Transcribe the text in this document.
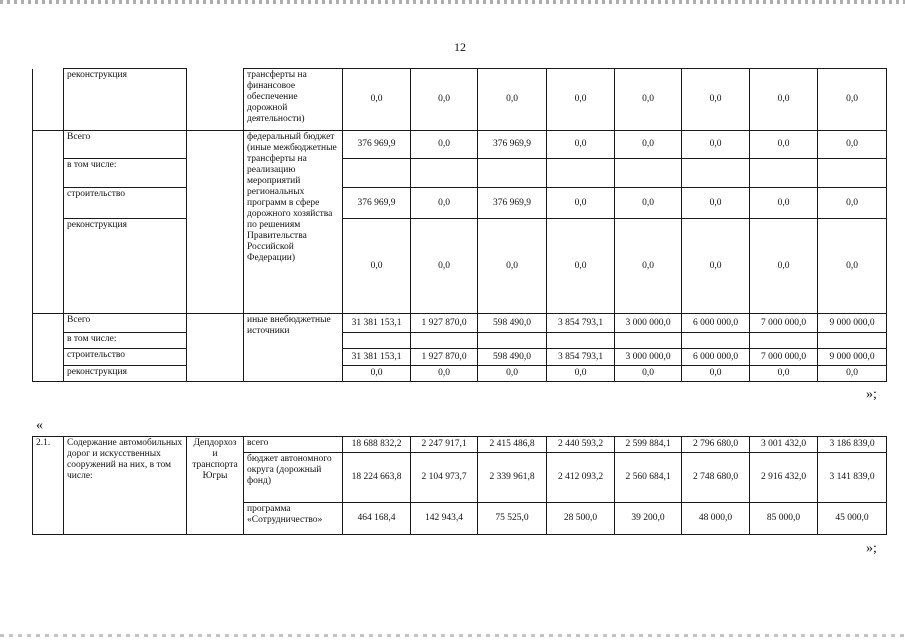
12
	реконструкция		трансферты на финансовое обеспечение дорожной деятельности)	0,0	0,0	0,0	0,0	0,0	0,0	0,0	0,0
	Всего		федеральный бюджет (иные межбюджетные трансферты на реализацию мероприятий региональных программ в сфере дорожного хозяйства по решениям Правительства Российской Федерации)	376 969,9	0,0	376 969,9	0,0	0,0	0,0	0,0	0,0
	в том числе:										
	строительство			376 969,9	0,0	376 969,9	0,0	0,0	0,0	0,0	0,0
	реконструкция			0,0	0,0	0,0	0,0	0,0	0,0	0,0	0,0
	Всего		иные внебюджетные источники	31 381 153,1	1 927 870,0	598 490,0	3 854 793,1	3 000 000,0	6 000 000,0	7 000 000,0	9 000 000,0
	в том числе:										
	строительство			31 381 153,1	1 927 870,0	598 490,0	3 854 793,1	3 000 000,0	6 000 000,0	7 000 000,0	9 000 000,0
	реконструкция			0,0	0,0	0,0	0,0	0,0	0,0	0,0	0,0
»;
«
2.1.	Содержание автомобильных дорог и искусственных сооружений на них, в том числе:	Депдорхоз и транспорта Югры	всего	18 688 832,2	2 247 917,1	2 415 486,8	2 440 593,2	2 599 884,1	2 796 680,0	3 001 432,0	3 186 839,0
			бюджет автономного округа (дорожный фонд)	18 224 663,8	2 104 973,7	2 339 961,8	2 412 093,2	2 560 684,1	2 748 680,0	2 916 432,0	3 141 839,0
			программа «Сотрудничество»	464 168,4	142 943,4	75 525,0	28 500,0	39 200,0	48 000,0	85 000,0	45 000,0
»;
